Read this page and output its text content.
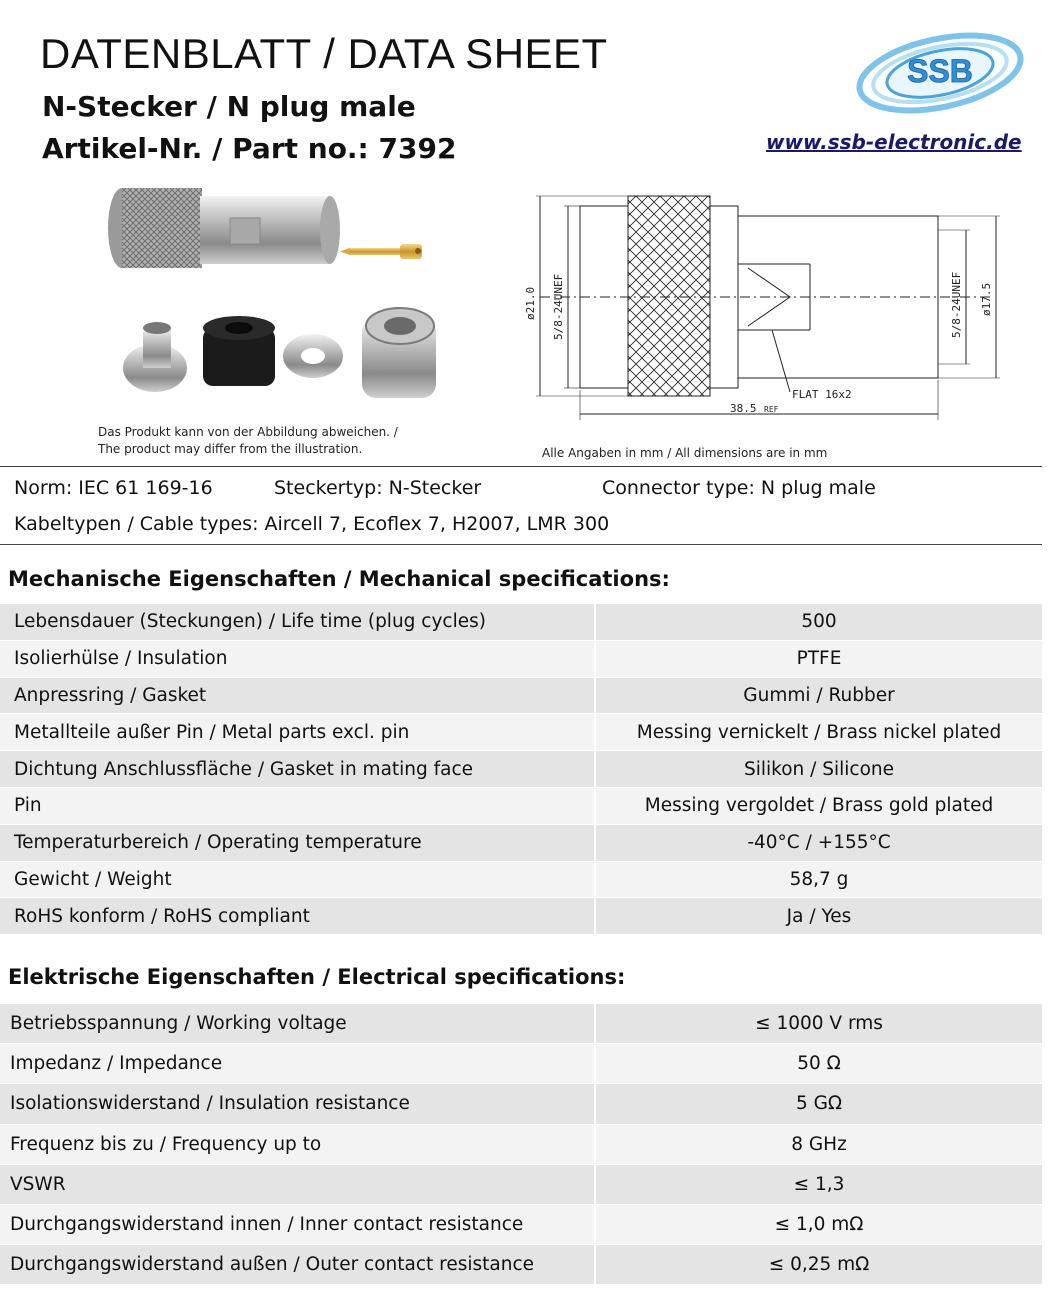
DATENBLATT / DATA SHEET
N-Stecker / N plug male
Artikel-Nr. / Part no.: 7392
SSB
www.ssb-electronic.de
Das Produkt kann von der Abbildung abweichen. /
The product may differ from the illustration.
ø21.0 5/8-24UNEF	5/8-24UNEF ø17.5
FLAT 16x2
38.5 REF
Alle Angaben in mm / All dimensions are in mm
Norm: IEC 61 169-16	Steckertyp: N-Stecker	Connector type: N plug male
Kabeltypen / Cable types: Aircell 7, Ecoflex 7, H2007, LMR 300
Mechanische Eigenschaften / Mechanical specifications:
Lebensdauer (Steckungen) / Life time (plug cycles)	500
Isolierhülse / Insulation	PTFE
Anpressring / Gasket	Gummi / Rubber
Metallteile außer Pin / Metal parts excl. pin	Messing vernickelt / Brass nickel plated
Dichtung Anschlussfläche / Gasket in mating face	Silikon / Silicone
Pin	Messing vergoldet / Brass gold plated
Temperaturbereich / Operating temperature	-40°C / +155°C
Gewicht / Weight	58,7 g
RoHS konform / RoHS compliant	Ja / Yes
Elektrische Eigenschaften / Electrical specifications:
Betriebsspannung / Working voltage	≤ 1000 V rms
Impedanz / Impedance	50 Ω
Isolationswiderstand / Insulation resistance	5 GΩ
Frequenz bis zu / Frequency up to	8 GHz
VSWR	≤ 1,3
Durchgangswiderstand innen / Inner contact resistance	≤ 1,0 mΩ
Durchgangswiderstand außen / Outer contact resistance	≤ 0,25 mΩ
